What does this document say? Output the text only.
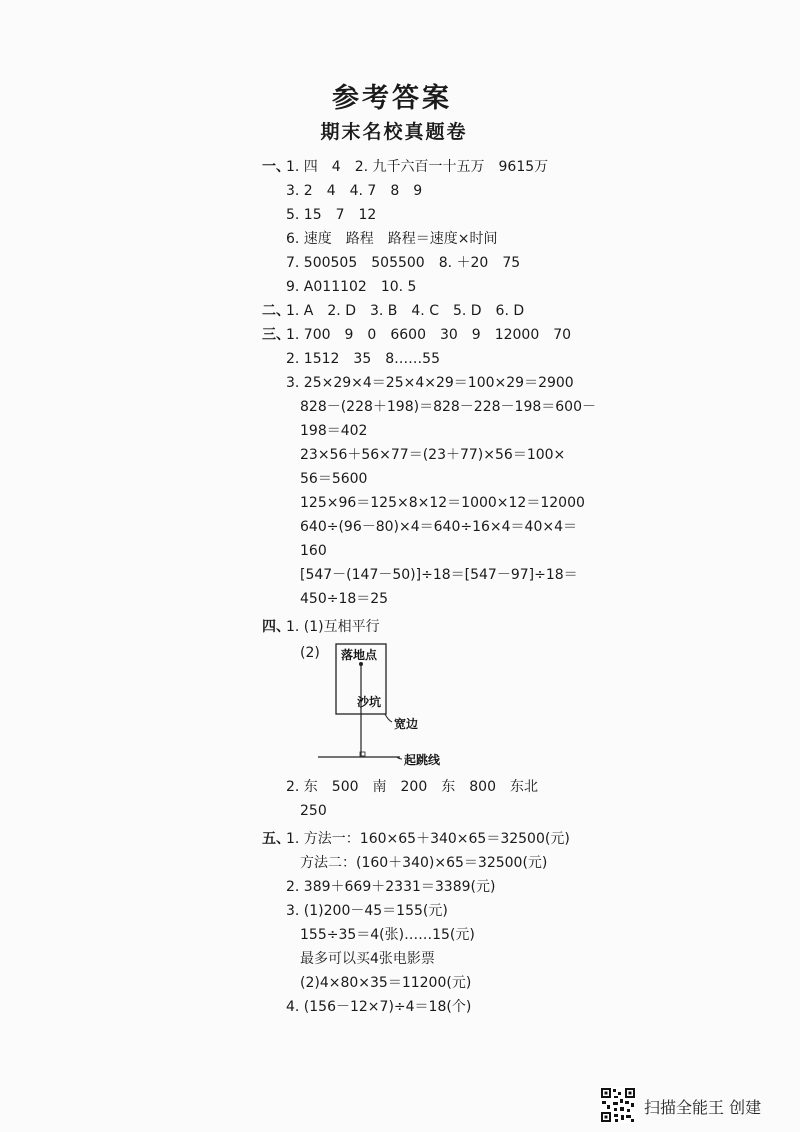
参考答案
期末名校真题卷
一、
1. 四　4　2. 九千六百一十五万　9615万
3. 2　4　4. 7　8　9
5. 15　7　12
6. 速度　路程　路程＝速度×时间
7. 500505　505500　8. ＋20　75
9. A011102　10. 5
二、
1. A　2. D　3. B　4. C　5. D　6. D
三、
1. 700　9　0　6600　30　9　12000　70
2. 1512　35　8……55
3. 25×29×4＝25×4×29＝100×29＝2900
828－(228＋198)＝828－228－198＝600－
198＝402
23×56＋56×77＝(23＋77)×56＝100×
56＝5600
125×96＝125×8×12＝1000×12＝12000
640÷(96－80)×4＝640÷16×4＝40×4＝
160
[547－(147－50)]÷18＝[547－97]÷18＝
450÷18＝25
四、
1. (1)互相平行
(2) 落地点
沙坑
宽边
起跳线
2. 东　500　南　200　东　800　东北
250
五、
1. 方法一：160×65＋340×65＝32500(元)
方法二：(160＋340)×65＝32500(元)
2. 389＋669＋2331＝3389(元)
3. (1)200－45＝155(元)
155÷35＝4(张)……15(元)
最多可以买4张电影票
(2)4×80×35＝11200(元)
4. (156－12×7)÷4＝18(个)
扫描全能王 创建
